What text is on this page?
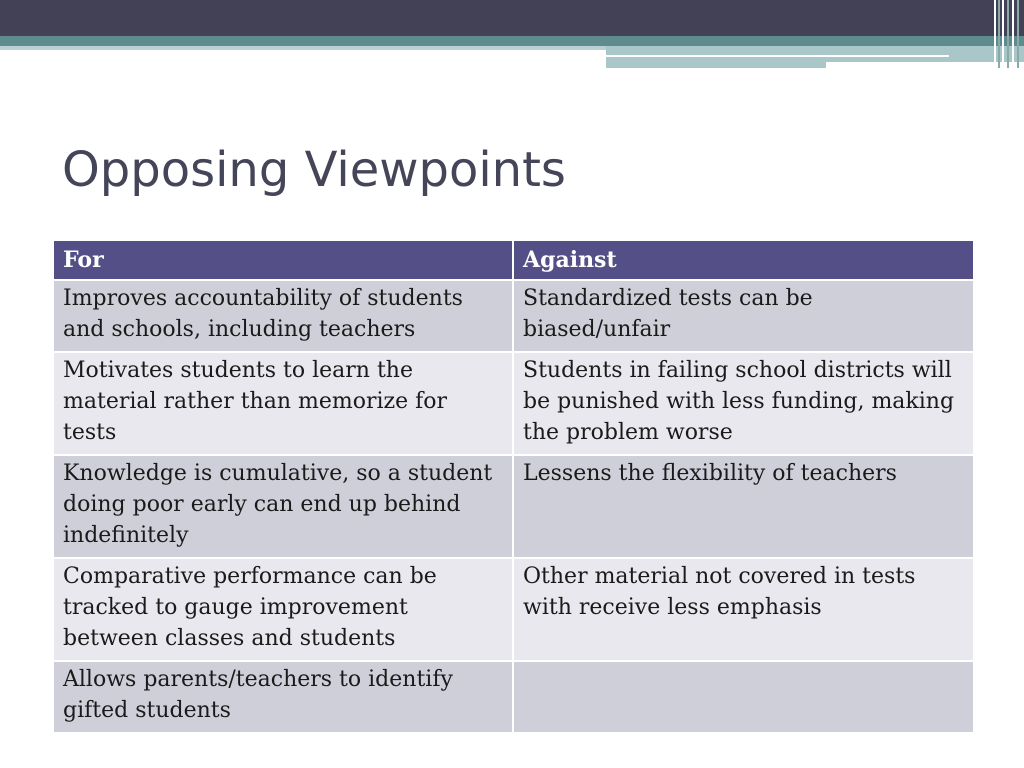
Opposing Viewpoints
For	Against
Improves accountability of students and schools, including teachers	Standardized tests can be biased/unfair
Motivates students to learn the material rather than memorize for tests	Students in failing school districts will be punished with less funding, making the problem worse
Knowledge is cumulative, so a student doing poor early can end up behind indefinitely	Lessens the flexibility of teachers
Comparative performance can be tracked to gauge improvement between classes and students	Other material not covered in tests with receive less emphasis
Allows parents/teachers to identify gifted students	
